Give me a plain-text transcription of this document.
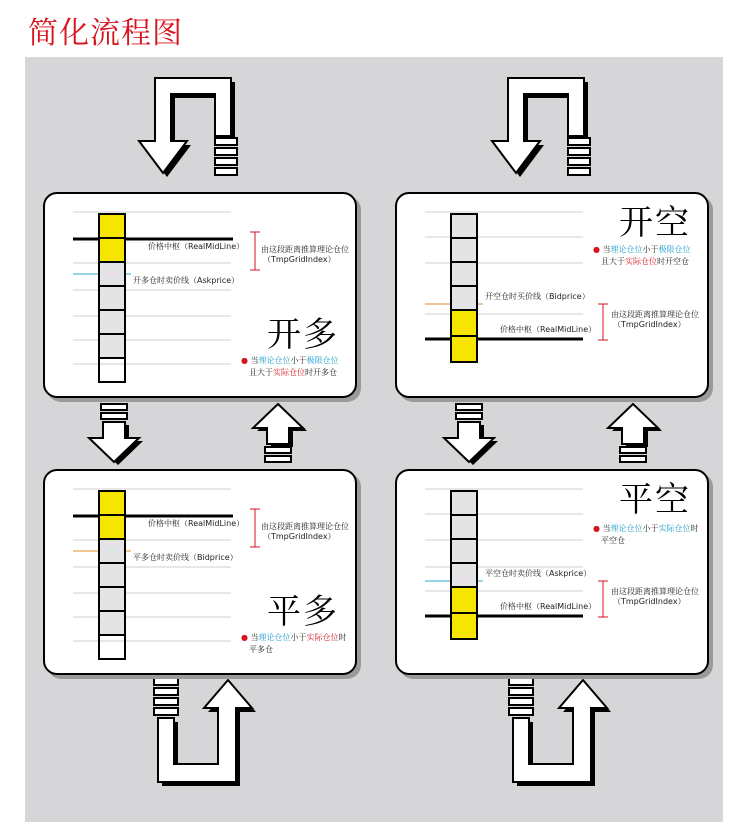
简化流程图
价格中枢（RealMidLine）
开多仓时卖价线（Askprice）
由这段距离推算理论仓位
（TmpGridIndex）
开多
● 当理论仓位小于极限仓位
且大于实际仓位时开多仓
开空
● 当理论仓位小于极限仓位
且大于实际仓位时开空仓
开空仓时买价线（Bidprice）
由这段距离推算理论仓位
（TmpGridIndex）
价格中枢（RealMidLine）
价格中枢（RealMidLine）
平多仓时卖价线（Bidprice）
由这段距离推算理论仓位
（TmpGridIndex）
平多
● 当理论仓位小于实际仓位时
平多仓
平空
● 当理论仓位小于实际仓位时
平空仓
平空仓时卖价线（Askprice）
由这段距离推算理论仓位
（TmpGridIndex）
价格中枢（RealMidLine）
